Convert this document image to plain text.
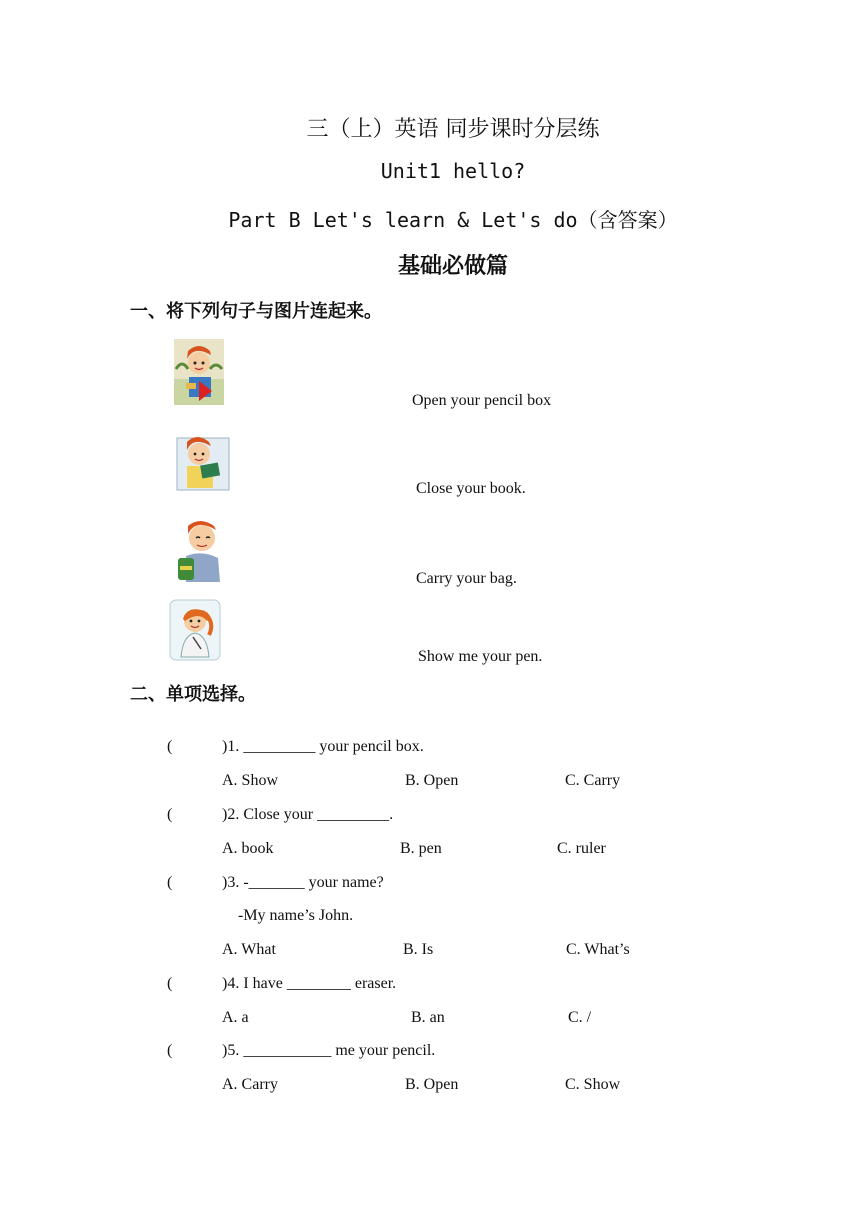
三（上）英语 同步课时分层练
Unit1 hello?
Part B Let's learn & Let's do（含答案）
基础必做篇
一、将下列句子与图片连起来。
Open your pencil box
Close your book.
Carry your bag.
Show me your pen.
二、单项选择。
(	)1. _________ your pencil box.
A. Show	B. Open	C. Carry
(	)2. Close your _________.
A. book	B. pen	C. ruler
(	)3. -_______ your name?
-My name’s John.
A. What	B. Is	C. What’s
(	)4. I have ________ eraser.
A. a	B. an	C. /
(	)5. ___________ me your pencil.
A. Carry	B. Open	C. Show
